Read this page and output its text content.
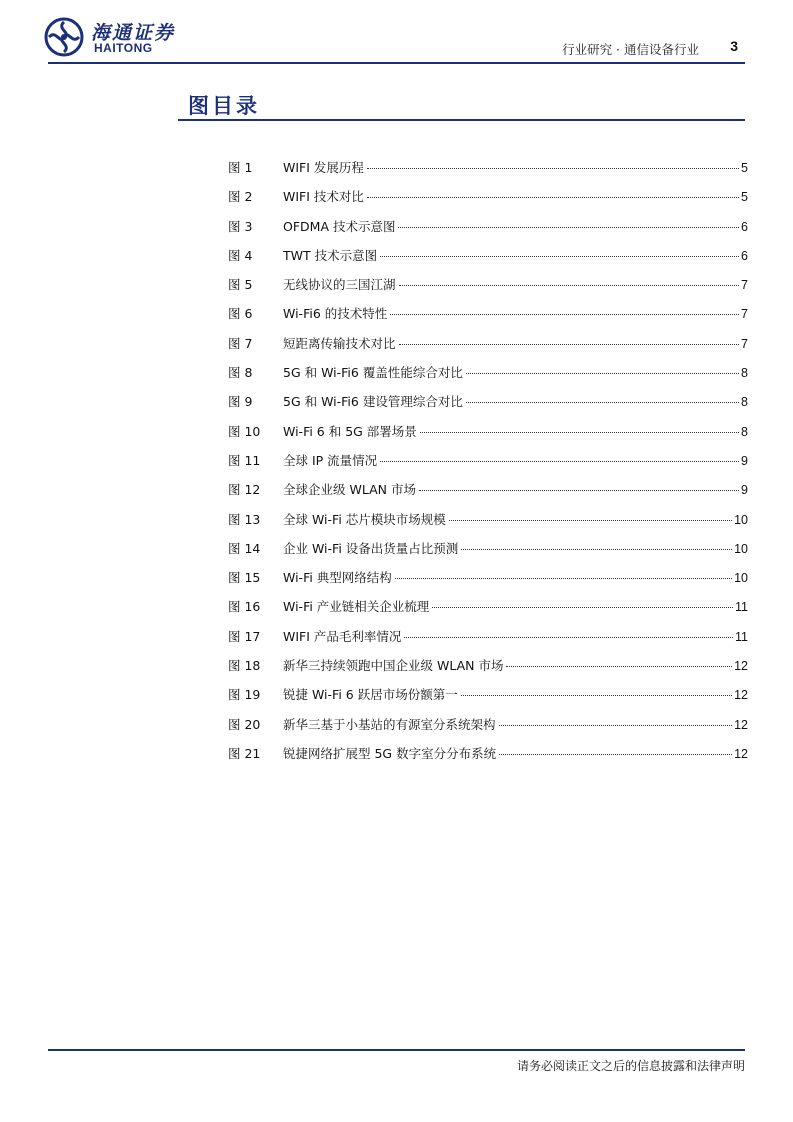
海通证券
HAITONG	行业研究 · 通信设备行业	3
图目录
图 1	WIFI 发展历程	5
图 2	WIFI 技术对比	5
图 3	OFDMA 技术示意图	6
图 4	TWT 技术示意图	6
图 5	无线协议的三国江湖	7
图 6	Wi-Fi6 的技术特性	7
图 7	短距离传输技术对比	7
图 8	5G 和 Wi-Fi6 覆盖性能综合对比	8
图 9	5G 和 Wi-Fi6 建设管理综合对比	8
图 10	Wi-Fi 6 和 5G 部署场景	8
图 11	全球 IP 流量情况	9
图 12	全球企业级 WLAN 市场	9
图 13	全球 Wi-Fi 芯片模块市场规模	10
图 14	企业 Wi-Fi 设备出货量占比预测	10
图 15	Wi-Fi 典型网络结构	10
图 16	Wi-Fi 产业链相关企业梳理	11
图 17	WIFI 产品毛利率情况	11
图 18	新华三持续领跑中国企业级 WLAN 市场	12
图 19	锐捷 Wi-Fi 6 跃居市场份额第一	12
图 20	新华三基于小基站的有源室分系统架构	12
图 21	锐捷网络扩展型 5G 数字室分分布系统	12
请务必阅读正文之后的信息披露和法律声明
